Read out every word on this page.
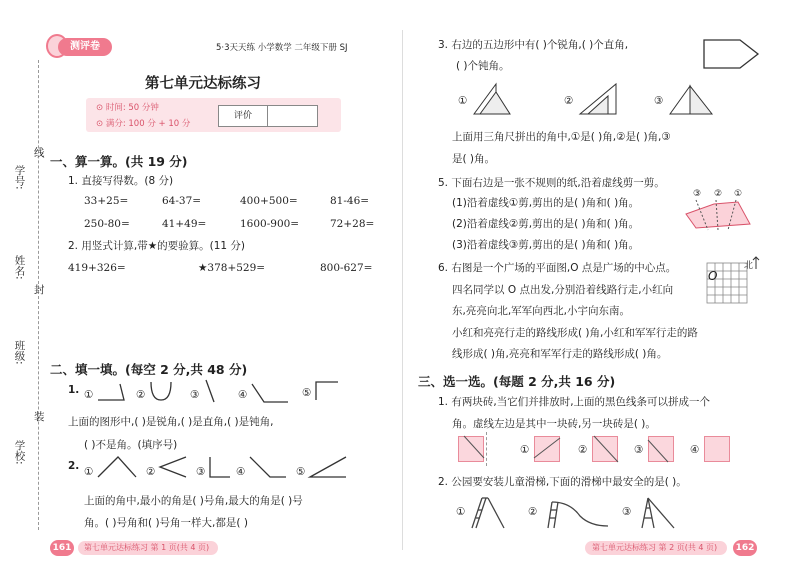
学号:
姓名:
班级:
学校:
线
封
装
测评卷	5·3天天练 小学数学 二年级下册 SJ
第七单元达标练习
⊙ 时间: 50 分钟
⊙ 满分: 100 分 + 10 分
评价
一、算一算。(共 19 分)
1. 直接写得数。(8 分)
33+25=	64-37=	400+500=	81-46=
250-80=	41+49=	1600-900=	72+28=
2. 用竖式计算,带★的要验算。(11 分)
419+326=	★378+529=	800-627=
二、填一填。(每空 2 分,共 48 分)
1. ①	②	③	④	⑤
上面的图形中,( )是锐角,( )是直角,( )是钝角,
( )不是角。(填序号)
2. ①	②	③	④	⑤
上面的角中,最小的角是( )号角,最大的角是( )号
角。( )号角和( )号角一样大,都是( )
161	第七单元达标练习 第 1 页(共 4 页)
3. 右边的五边形中有( )个锐角,( )个直角,
( )个钝角。
①	②	③
上面用三角尺拼出的角中,①是( )角,②是( )角,③
是( )角。
5. 下面右边是一张不规则的纸,沿着虚线剪一剪。
(1)沿着虚线①剪,剪出的是( )角和( )角。
(2)沿着虚线②剪,剪出的是( )角和( )角。
(3)沿着虚线③剪,剪出的是( )角和( )角。
③ ② ①
6. 右图是一个广场的平面图,O 点是广场的中心点。
四名同学以 O 点出发,分别沿着线路行走,小红向
东,亮亮向北,军军向西北,小宇向东南。
小红和亮亮行走的路线形成( )角,小红和军军行走的路
线形成( )角,亮亮和军军行走的路线形成( )角。
O
北
三、选一选。(每题 2 分,共 16 分)
1. 有两块砖,当它们并排放时,上面的黑色线条可以拼成一个
角。虚线左边是其中一块砖,另一块砖是( )。
①	②	③	④
2. 公园要安装儿童滑梯,下面的滑梯中最安全的是( )。
①	②	③
第七单元达标练习 第 2 页(共 4 页) 162
